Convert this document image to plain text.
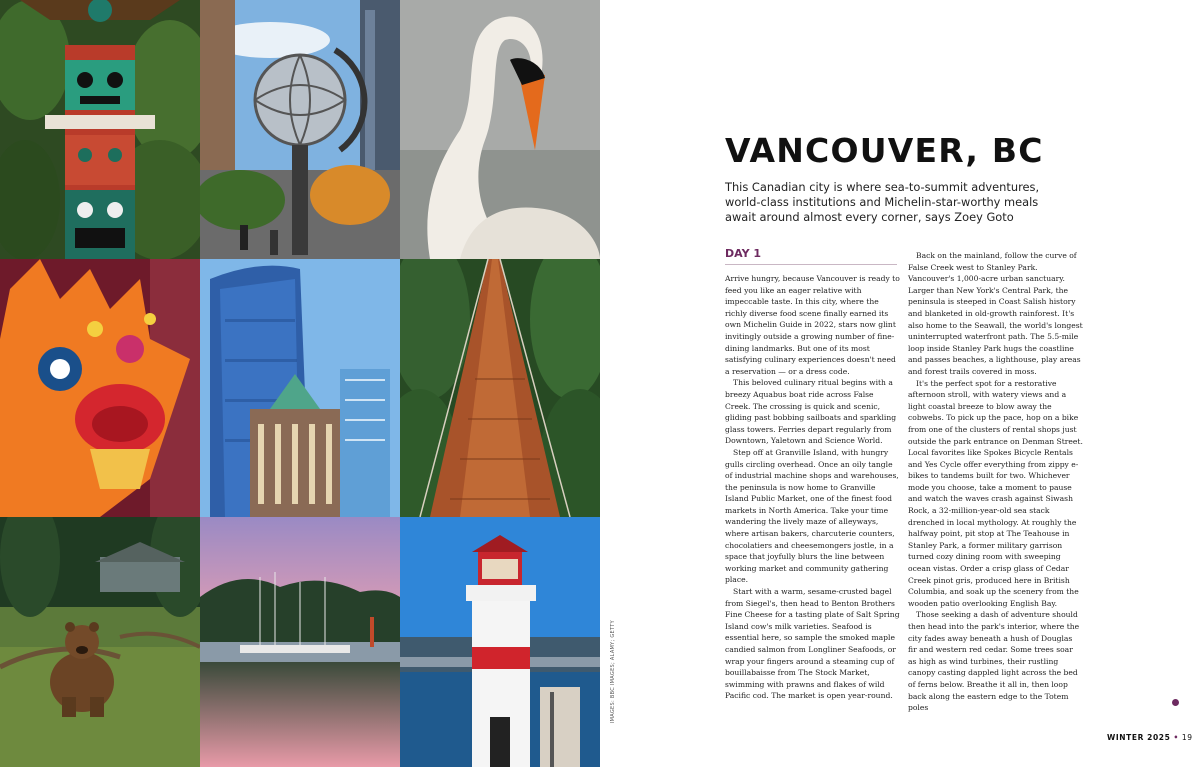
IMAGES: BBC IMAGES; ALAMY; GETTY
VANCOUVER, BC
This Canadian city is where sea-to-summit adventures, world-class institutions and Michelin-star-worthy meals await around almost every corner, says Zoey Goto
DAY 1

Arrive hungry, because Vancouver is ready to feed you like an eager relative with impeccable taste. In this city, where the richly diverse food scene finally earned its own Michelin Guide in 2022, stars now glint invitingly outside a growing number of fine-dining landmarks. But one of its most satisfying culinary experiences doesn't need a reservation — or a dress code.

This beloved culinary ritual begins with a breezy Aquabus boat ride across False Creek. The crossing is quick and scenic, gliding past bobbing sailboats and sparkling glass towers. Ferries depart regularly from Downtown, Yaletown and Science World.

Step off at Granville Island, with hungry gulls circling overhead. Once an oily tangle of industrial machine shops and warehouses, the peninsula is now home to Granville Island Public Market, one of the finest food markets in North America. Take your time wandering the lively maze of alleyways, where artisan bakers, charcuterie counters, chocolatiers and cheesemongers jostle, in a space that joyfully blurs the line between working market and community gathering place.

Start with a warm, sesame-crusted bagel from Siegel's, then head to Benton Brothers Fine Cheese for a tasting plate of Salt Spring Island cow's milk varieties. Seafood is essential here, so sample the smoked maple candied salmon from Longliner Seafoods, or wrap your fingers around a steaming cup of bouillabaisse from The Stock Market, swimming with prawns and flakes of wild Pacific cod. The market is open year-round.

Back on the mainland, follow the curve of False Creek west to Stanley Park. Vancouver's 1,000-acre urban sanctuary. Larger than New York's Central Park, the peninsula is steeped in Coast Salish history and blanketed in old-growth rainforest. It's also home to the Seawall, the world's longest uninterrupted waterfront path. The 5.5-mile loop inside Stanley Park hugs the coastline and passes beaches, a lighthouse, play areas and forest trails covered in moss.

It's the perfect spot for a restorative afternoon stroll, with watery views and a light coastal breeze to blow away the cobwebs. To pick up the pace, hop on a bike from one of the clusters of rental shops just outside the park entrance on Denman Street. Local favorites like Spokes Bicycle Rentals and Yes Cycle offer everything from zippy e-bikes to tandems built for two. Whichever mode you choose, take a moment to pause and watch the waves crash against Siwash Rock, a 32-million-year-old sea stack drenched in local mythology. At roughly the halfway point, pit stop at The Teahouse in Stanley Park, a former military garrison turned cozy dining room with sweeping ocean vistas. Order a crisp glass of Cedar Creek pinot gris, produced here in British Columbia, and soak up the scenery from the wooden patio overlooking English Bay.

Those seeking a dash of adventure should then head into the park's interior, where the city fades away beneath a hush of Douglas fir and western red cedar. Some trees soar as high as wind turbines, their rustling canopy casting dappled light across the bed of ferns below. Breathe it all in, then loop back along the eastern edge to the Totem poles

WINTER 2025 • 19
